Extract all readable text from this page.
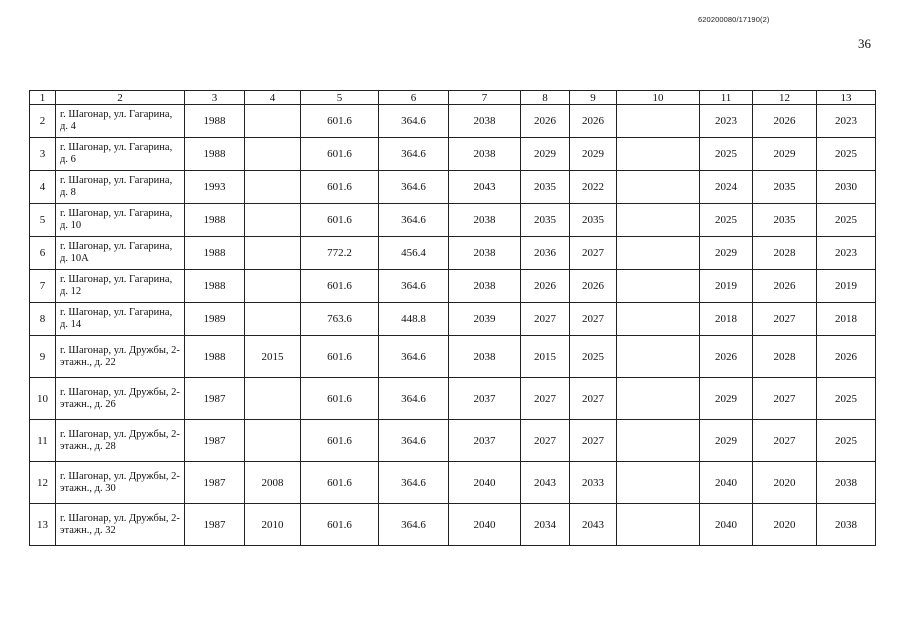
620200080/17190(2)
36
1	2	3	4	5	6	7	8	9	10	11	12	13
2	г. Шагонар, ул. Гагарина, д. 4	1988		601.6	364.6	2038	2026	2026		2023	2026	2023
3	г. Шагонар, ул. Гагарина, д. 6	1988		601.6	364.6	2038	2029	2029		2025	2029	2025
4	г. Шагонар, ул. Гагарина, д. 8	1993		601.6	364.6	2043	2035	2022		2024	2035	2030
5	г. Шагонар, ул. Гагарина, д. 10	1988		601.6	364.6	2038	2035	2035		2025	2035	2025
6	г. Шагонар, ул. Гагарина, д. 10А	1988		772.2	456.4	2038	2036	2027		2029	2028	2023
7	г. Шагонар, ул. Гагарина, д. 12	1988		601.6	364.6	2038	2026	2026		2019	2026	2019
8	г. Шагонар, ул. Гагарина, д. 14	1989		763.6	448.8	2039	2027	2027		2018	2027	2018
9	г. Шагонар, ул. Дружбы, 2-этажн., д. 22	1988	2015	601.6	364.6	2038	2015	2025		2026	2028	2026
10	г. Шагонар, ул. Дружбы, 2-этажн., д. 26	1987		601.6	364.6	2037	2027	2027		2029	2027	2025
11	г. Шагонар, ул. Дружбы, 2-этажн., д. 28	1987		601.6	364.6	2037	2027	2027		2029	2027	2025
12	г. Шагонар, ул. Дружбы, 2-этажн., д. 30	1987	2008	601.6	364.6	2040	2043	2033		2040	2020	2038
13	г. Шагонар, ул. Дружбы, 2-этажн., д. 32	1987	2010	601.6	364.6	2040	2034	2043		2040	2020	2038
